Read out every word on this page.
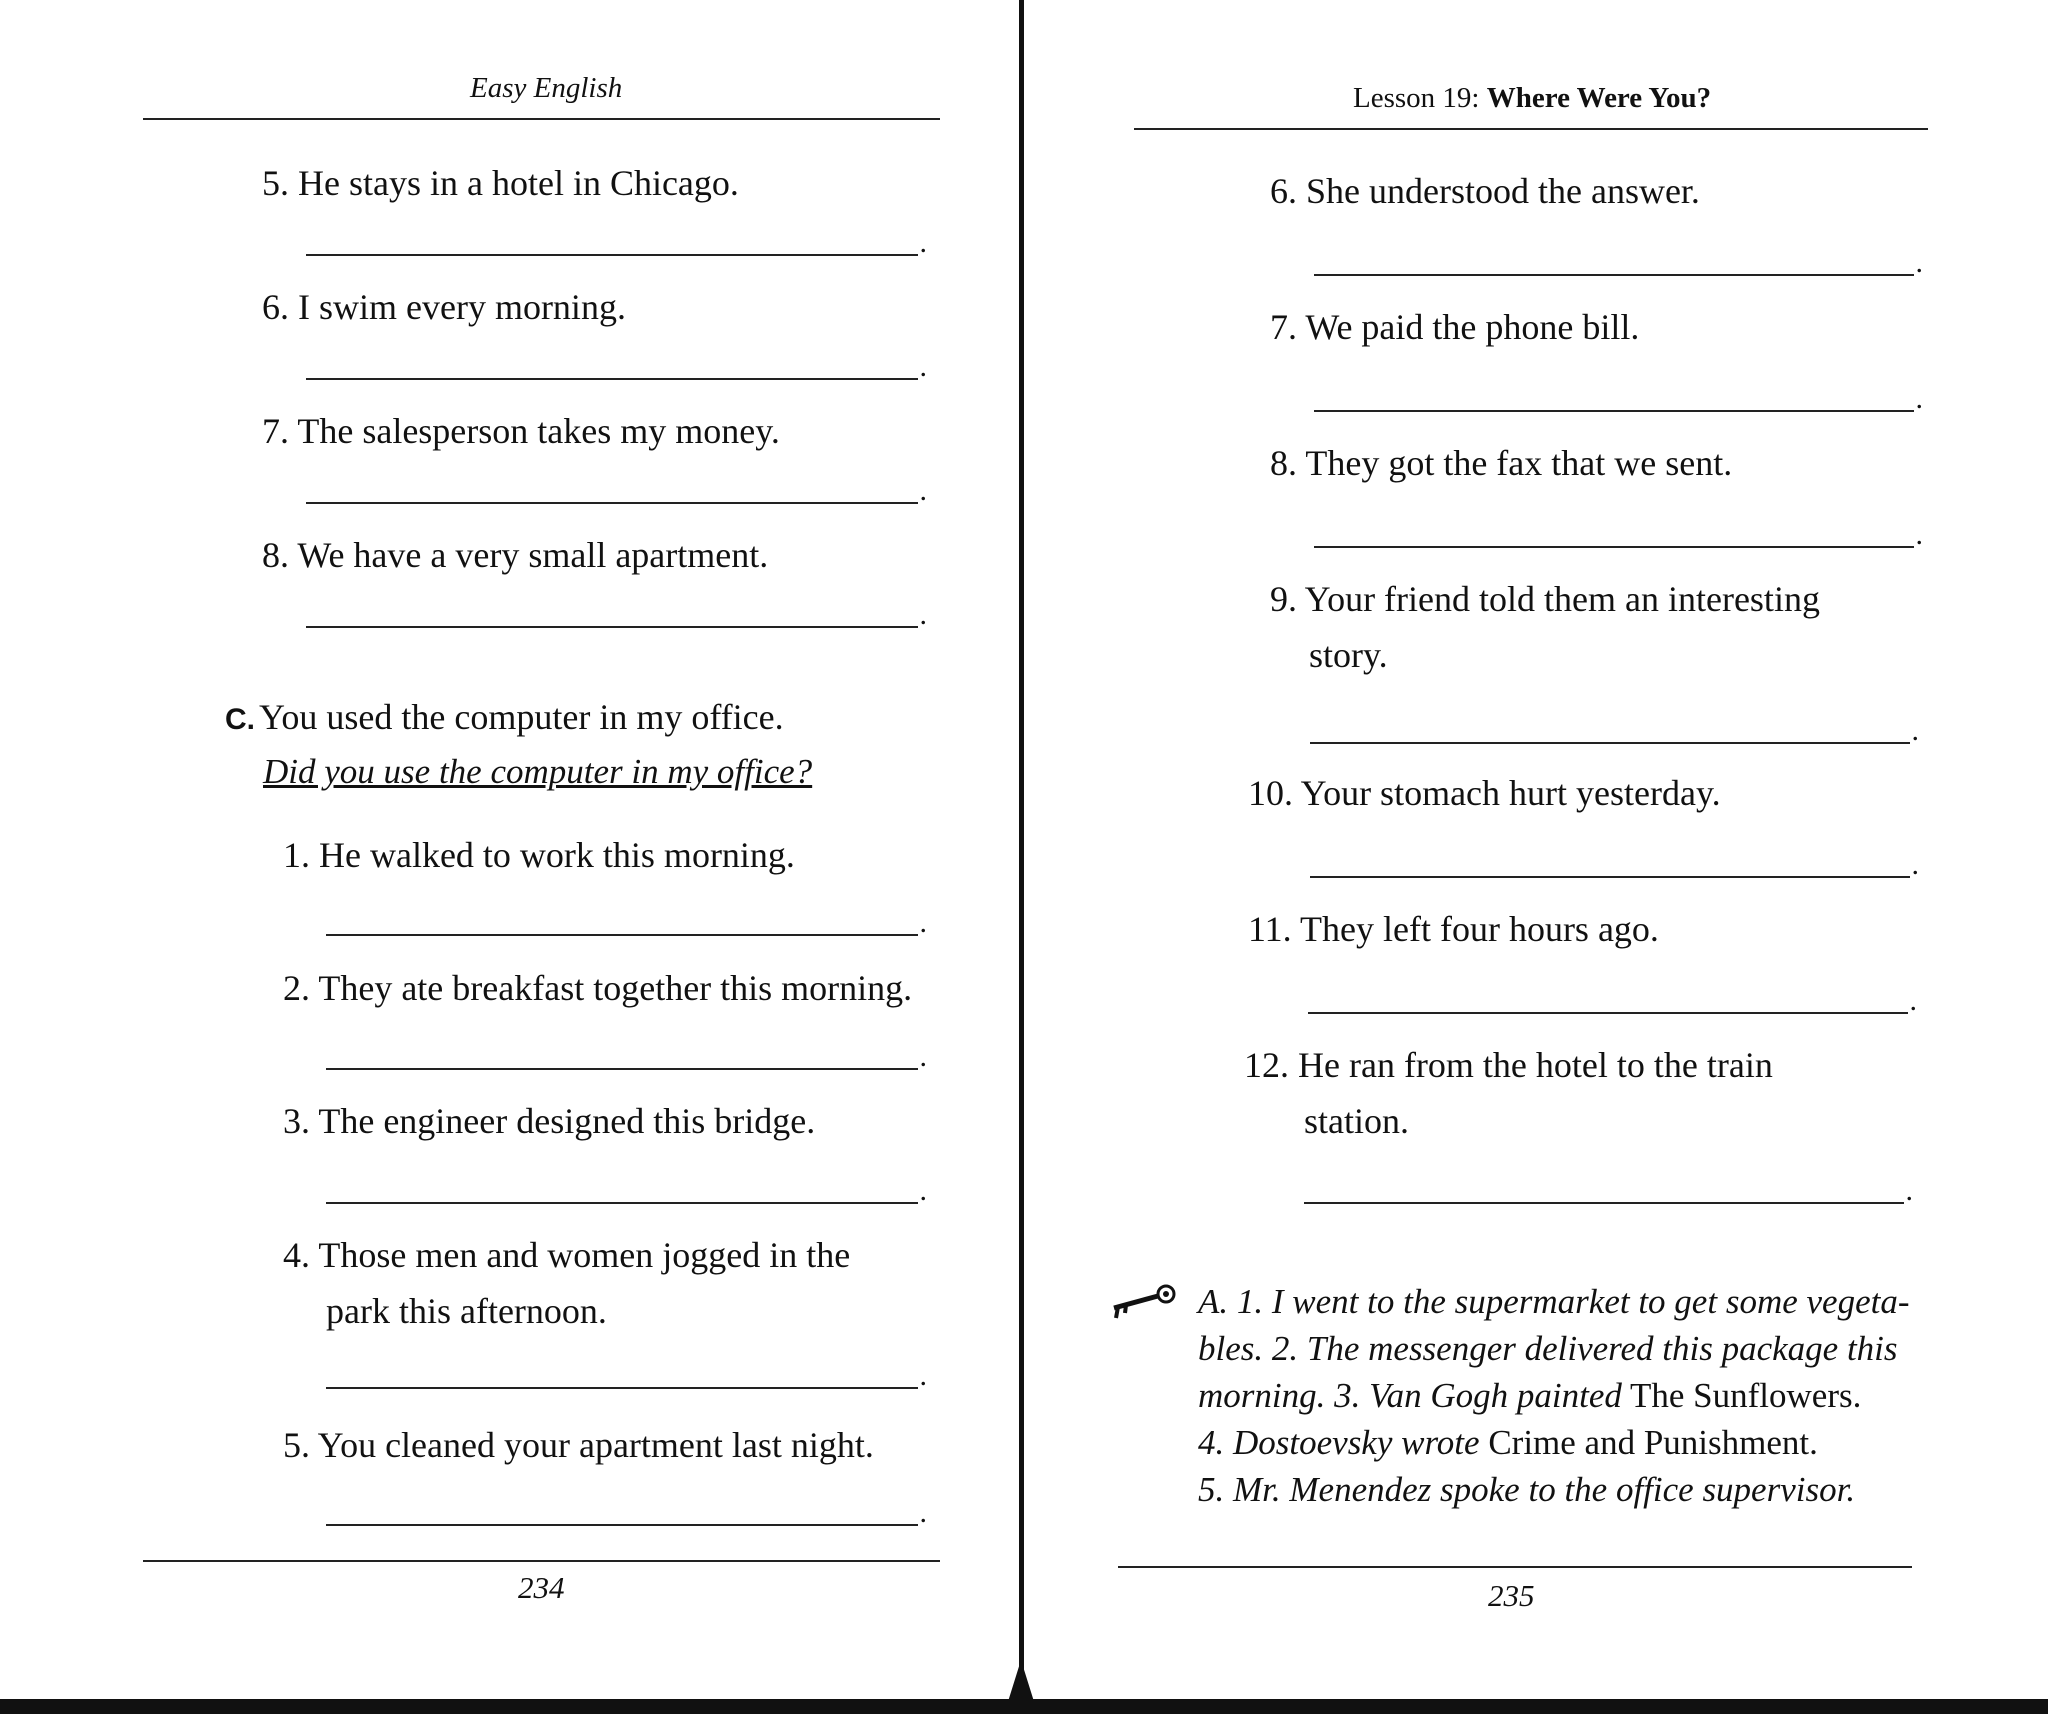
Easy English
5. He stays in a hotel in Chicago.
.
6. I swim every morning.
.
7. The salesperson takes my money.
.
8. We have a very small apartment.
.
C. You used the computer in my office.
Did you use the computer in my office?
1. He walked to work this morning.
.
2. They ate breakfast together this morning.
.
3. The engineer designed this bridge.
.
4. Those men and women jogged in the
park this afternoon.
.
5. You cleaned your apartment last night.
.
234
Lesson 19: Where Were You?
6. She understood the answer.
.
7. We paid the phone bill.
.
8. They got the fax that we sent.
.
9. Your friend told them an interesting
story.
.
10. Your stomach hurt yesterday.
.
11. They left four hours ago.
.
12. He ran from the hotel to the train
station.
.
A. 1. I went to the supermarket to get some vegeta-
bles. 2. The messenger delivered this package this
morning. 3. Van Gogh painted The Sunflowers.
4. Dostoevsky wrote Crime and Punishment.
5. Mr. Menendez spoke to the office supervisor.
235
